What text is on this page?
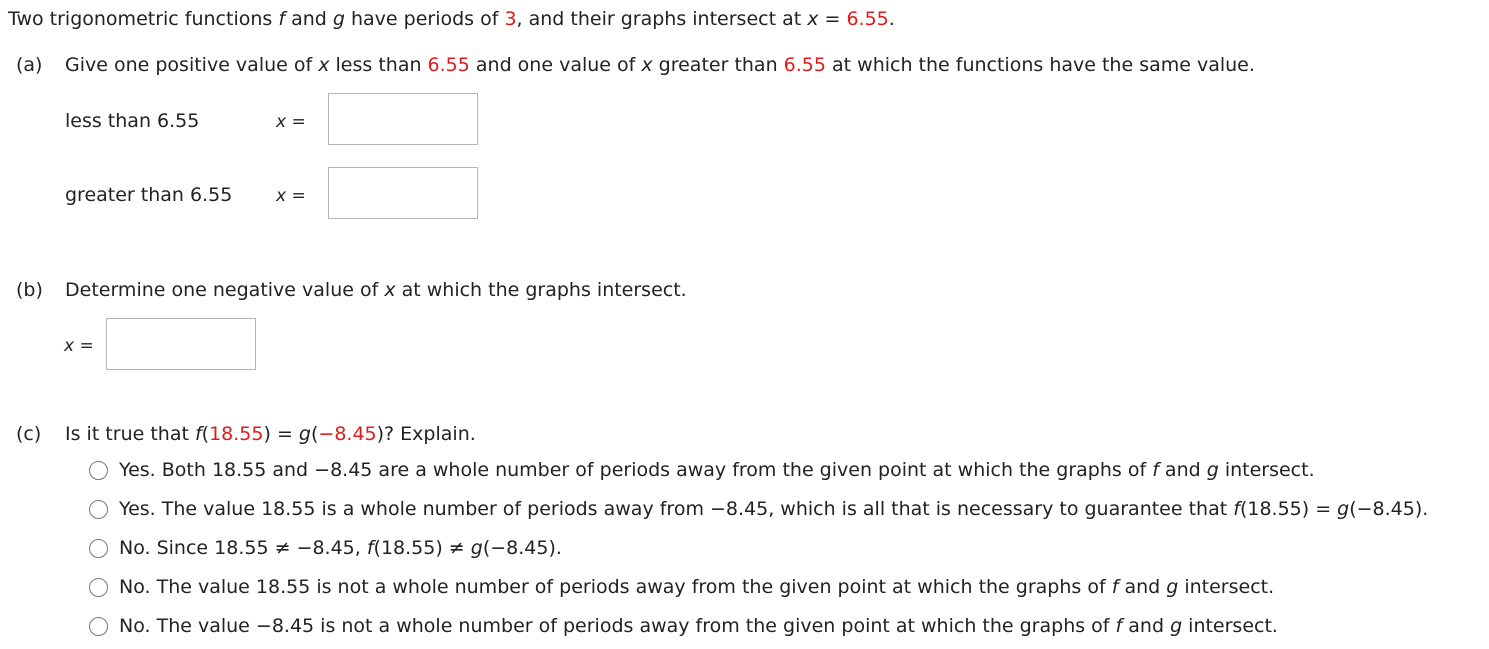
Two trigonometric functions f and g have periods of 3, and their graphs intersect at x = 6.55.
(a) Give one positive value of x less than 6.55 and one value of x greater than 6.55 at which the functions have the same value.
less than 6.55	x =
greater than 6.55	x =
(b) Determine one negative value of x at which the graphs intersect.
x =
(c) Is it true that f(18.55) = g(−8.45)? Explain.
Yes. Both 18.55 and −8.45 are a whole number of periods away from the given point at which the graphs of f and g intersect.
Yes. The value 18.55 is a whole number of periods away from −8.45, which is all that is necessary to guarantee that f(18.55) = g(−8.45).
No. Since 18.55 ≠ −8.45, f(18.55) ≠ g(−8.45).
No. The value 18.55 is not a whole number of periods away from the given point at which the graphs of f and g intersect.
No. The value −8.45 is not a whole number of periods away from the given point at which the graphs of f and g intersect.
